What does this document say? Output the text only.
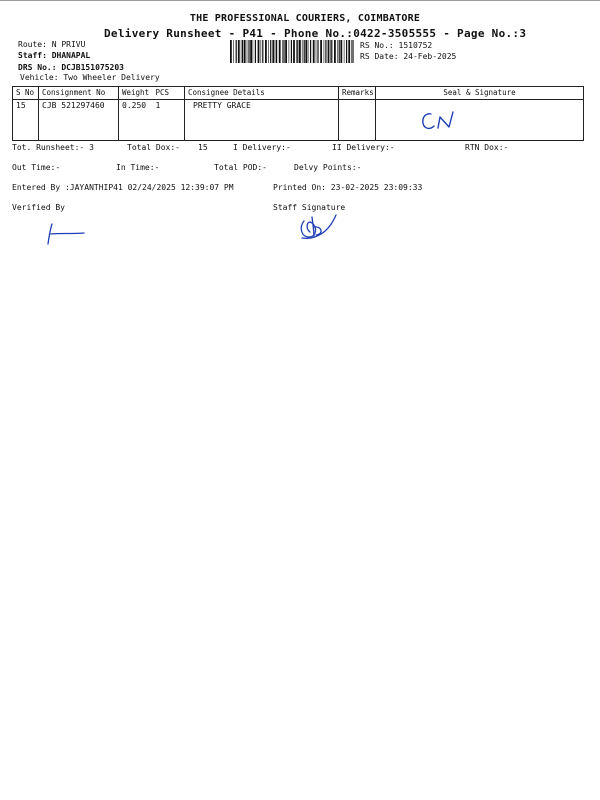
THE PROFESSIONAL COURIERS, COIMBATORE
Delivery Runsheet - P41 - Phone No.:0422-3505555 - Page No.:3
Route: N PRIVU
Staff: DHANAPAL
DRS No.: DCJB151075203
Vehicle: Two Wheeler Delivery
RS No.: 1510752
RS Date: 24-Feb-2025
S No	Consignment No	Weight	PCS	Consignee Details	Remarks	Seal & Signature
15	CJB 521297460	0.250	1	PRETTY GRACE		
Tot. Runsheet:- 3	Total Dox:- 15	I Delivery:-	II Delivery:-	RTN Dox:-
Out Time:-	In Time:-	Total POD:-	Delvy Points:-
Entered By :JAYANTHIP41 02/24/2025 12:39:07 PM	Printed On: 23-02-2025 23:09:33
Verified By	Staff Signature
